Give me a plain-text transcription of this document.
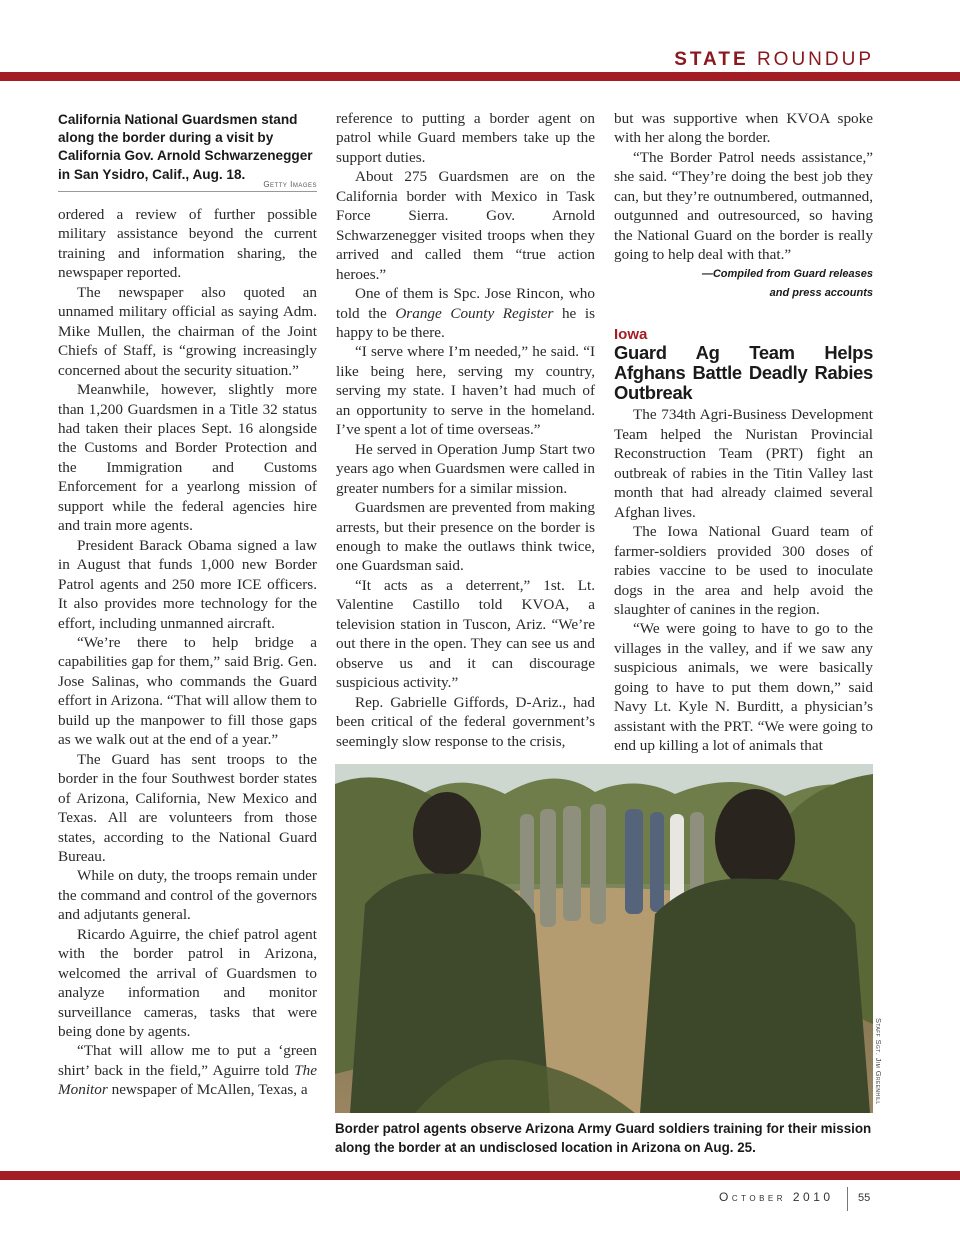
STATE ROUNDUP
California National Guardsmen stand along the border during a visit by California Gov. Arnold Schwarzenegger in San Ysidro, Calif., Aug. 18.
Getty Images

ordered a review of further possible military assistance beyond the current training and information sharing, the newspaper reported.

The newspaper also quoted an unnamed military official as saying Adm. Mike Mullen, the chairman of the Joint Chiefs of Staff, is “growing increasingly concerned about the security situation.”

Meanwhile, however, slightly more than 1,200 Guardsmen in a Title 32 status had taken their places Sept. 16 alongside the Customs and Border Protection and the Immigration and Customs Enforcement for a yearlong mission of support while the federal agencies hire and train more agents.

President Barack Obama signed a law in August that funds 1,000 new Border Patrol agents and 250 more ICE officers. It also provides more technology for the effort, including unmanned aircraft.

“We’re there to help bridge a capabilities gap for them,” said Brig. Gen. Jose Salinas, who commands the Guard effort in Arizona. “That will allow them to build up the manpower to fill those gaps as we walk out at the end of a year.”

The Guard has sent troops to the border in the four Southwest border states of Arizona, California, New Mexico and Texas. All are volunteers from those states, according to the National Guard Bureau.

While on duty, the troops remain under the command and control of the governors and adjutants general.

Ricardo Aguirre, the chief patrol agent with the border patrol in Arizona, welcomed the arrival of Guardsmen to analyze information and monitor surveillance cameras, tasks that were being done by agents.

“That will allow me to put a ‘green shirt’ back in the field,” Aguirre told The Monitor newspaper of McAllen, Texas, a

reference to putting a border agent on patrol while Guard members take up the support duties.

About 275 Guardsmen are on the California border with Mexico in Task Force Sierra. Gov. Arnold Schwarzenegger visited troops when they arrived and called them “true action heroes.”

One of them is Spc. Jose Rincon, who told the Orange County Register he is happy to be there.

“I serve where I’m needed,” he said. “I like being here, serving my country, serving my state. I haven’t had much of an opportunity to serve in the homeland. I’ve spent a lot of time overseas.”

He served in Operation Jump Start two years ago when Guardsmen were called in greater numbers for a similar mission.

Guardsmen are prevented from making arrests, but their presence on the border is enough to make the outlaws think twice, one Guardsman said.

“It acts as a deterrent,” 1st. Lt. Valentine Castillo told KVOA, a television station in Tuscon, Ariz. “We’re out there in the open. They can see us and observe us and it can discourage suspicious activity.”

Rep. Gabrielle Giffords, D-Ariz., had been critical of the federal government’s seemingly slow response to the crisis,

but was supportive when KVOA spoke with her along the border.

“The Border Patrol needs assistance,” she said. “They’re doing the best job they can, but they’re outnumbered, outmanned, outgunned and outresourced, so having the National Guard on the border is really going to help deal with that.”

—Compiled from Guard releases
and press accounts
Iowa
Guard Ag Team Helps Afghans Battle Deadly Rabies Outbreak

The 734th Agri-Business Development Team helped the Nuristan Provincial Reconstruction Team (PRT) fight an outbreak of rabies in the Titin Valley last month that had already claimed several Afghan lives.

The Iowa National Guard team of farmer-soldiers provided 300 doses of rabies vaccine to be used to inoculate dogs in the area and help avoid the slaughter of canines in the region.

“We were going to have to go to the villages in the valley, and if we saw any suspicious animals, we were basically going to have to put them down,” said Navy Lt. Kyle N. Burditt, a physician’s assistant with the PRT. “We were going to end up killing a lot of animals that

Staff Sgt. Jim Greenhill
Border patrol agents observe Arizona Army Guard soldiers training for their mission along the border at an undisclosed location in Arizona on Aug. 25.
October 2010 55
